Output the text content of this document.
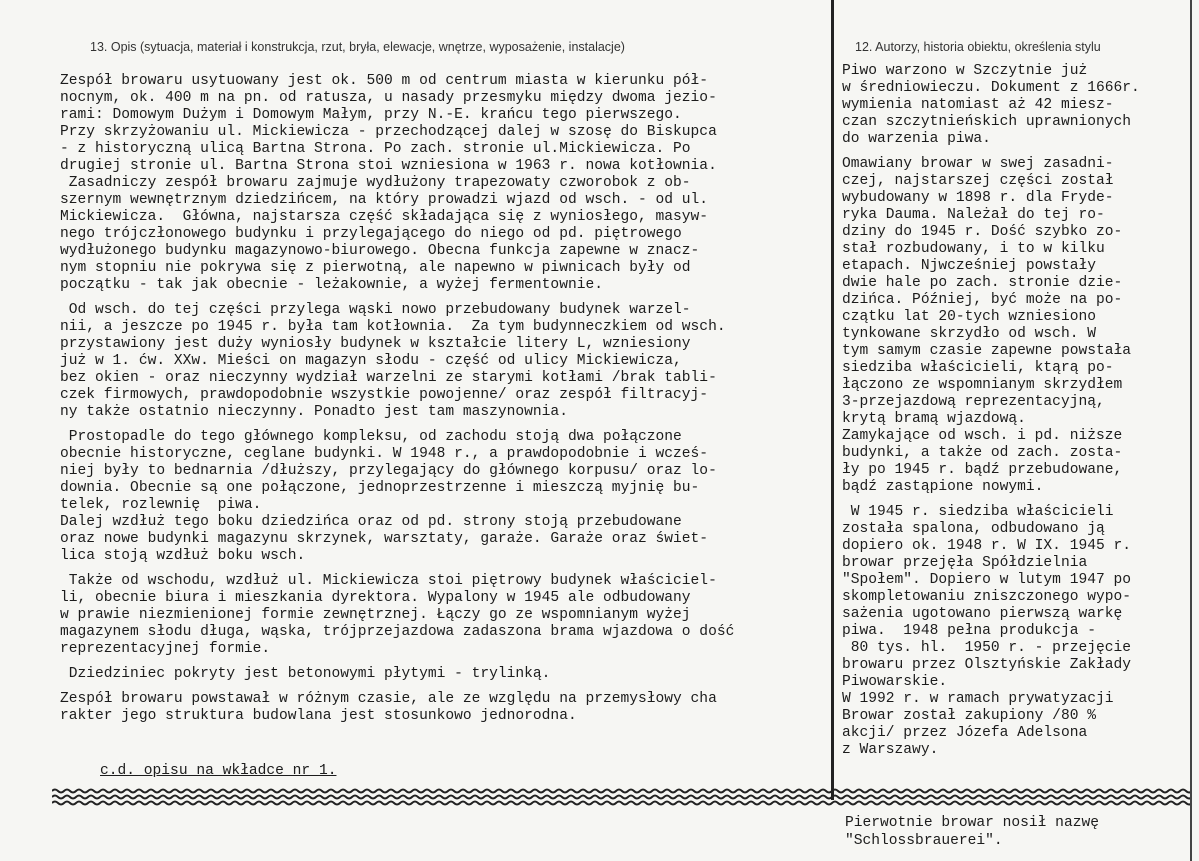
13. Opis (sytuacja, materiał i konstrukcja, rzut, bryła, elewacje, wnętrze, wyposażenie, instalacje)	12. Autorzy, historia obiektu, określenia stylu

Zespół browaru usytuowany jest ok. 500 m od centrum miasta w kierunku pół-

nocnym, ok. 400 m na pn. od ratusza, u nasady przesmyku między dwoma jezio-

rami: Domowym Dużym i Domowym Małym, przy N.-E. krańcu tego pierwszego.

Przy skrzyżowaniu ul. Mickiewicza - przechodzącej dalej w szosę do Biskupca

- z historyczną ulicą Bartna Strona. Po zach. stronie ul.Mickiewicza. Po

drugiej stronie ul. Bartna Strona stoi wzniesiona w 1963 r. nowa kotłownia.

Zasadniczy zespół browaru zajmuje wydłużony trapezowaty czworobok z ob-

szernym wewnętrznym dziedzińcem, na który prowadzi wjazd od wsch. - od ul.

Mickiewicza.  Główna, najstarsza część składająca się z wyniosłego, masyw-

nego trójczłonowego budynku i przylegającego do niego od pd. piętrowego

wydłużonego budynku magazynowo-biurowego. Obecna funkcja zapewne w znacz-

nym stopniu nie pokrywa się z pierwotną, ale napewno w piwnicach były od

początku - tak jak obecnie - leżakownie, a wyżej fermentownie.

Od wsch. do tej części przylega wąski nowo przebudowany budynek warzel-

nii, a jeszcze po 1945 r. była tam kotłownia.  Za tym budynneczkiem od wsch.

przystawiony jest duży wyniosły budynek w kształcie litery L, wzniesiony

już w 1. ćw. XXw. Mieści on magazyn słodu - część od ulicy Mickiewicza,

bez okien - oraz nieczynny wydział warzelni ze starymi kotłami /brak tabli-

czek firmowych, prawdopodobnie wszystkie powojenne/ oraz zespół filtracyj-

ny także ostatnio nieczynny. Ponadto jest tam maszynownia.

Prostopadle do tego głównego kompleksu, od zachodu stoją dwa połączone

obecnie historyczne, ceglane budynki. W 1948 r., a prawdopodobnie i wcześ-

niej były to bednarnia /dłuższy, przylegający do głównego korpusu/ oraz lo-

downia. Obecnie są one połączone, jednoprzestrzenne i mieszczą myjnię bu-

telek, rozlewnię  piwa.

Dalej wzdłuż tego boku dziedzińca oraz od pd. strony stoją przebudowane

oraz nowe budynki magazynu skrzynek, warsztaty, garaże. Garaże oraz świet-

lica stoją wzdłuż boku wsch.

Także od wschodu, wzdłuż ul. Mickiewicza stoi piętrowy budynek właściciel-

li, obecnie biura i mieszkania dyrektora. Wypalony w 1945 ale odbudowany

w prawie niezmienionej formie zewnętrznej. Łączy go ze wspomnianym wyżej

magazynem słodu długa, wąska, trójprzejazdowa zadaszona brama wjazdowa o dość

reprezentacyjnej formie.

Dziedziniec pokryty jest betonowymi płytymi - trylinką.

Zespół browaru powstawał w różnym czasie, ale ze względu na przemysłowy cha

rakter jego struktura budowlana jest stosunkowo jednorodna.

c.d. opisu na wkładce nr 1.

Piwo warzono w Szczytnie już

w średniowieczu. Dokument z 1666r.

wymienia natomiast aż 42 miesz-

czan szczytnieńskich uprawnionych

do warzenia piwa.

Omawiany browar w swej zasadni-

czej, najstarszej części został

wybudowany w 1898 r. dla Fryde-

ryka Dauma. Należał do tej ro-

dziny do 1945 r. Dość szybko zo-

stał rozbudowany, i to w kilku

etapach. Njwcześniej powstały

dwie hale po zach. stronie dzie-

dzińca. Później, być może na po-

czątku lat 20-tych wzniesiono

tynkowane skrzydło od wsch. W

tym samym czasie zapewne powstała

siedziba właścicieli, ktąrą po-

łączono ze wspomnianym skrzydłem

3-przejazdową reprezentacyjną,

krytą bramą wjazdową.

Zamykające od wsch. i pd. niższe

budynki, a także od zach. zosta-

ły po 1945 r. bądź przebudowane,

bądź zastąpione nowymi.

W 1945 r. siedziba właścicieli

została spalona, odbudowano ją

dopiero ok. 1948 r. W IX. 1945 r.

browar przejęła Spółdzielnia

"Społem". Dopiero w lutym 1947 po

skompletowaniu zniszczonego wypo-

sażenia ugotowano pierwszą warkę

piwa.  1948 pełna produkcja -

80 tys. hl.  1950 r. - przejęcie

browaru przez Olsztyńskie Zakłady

Piwowarskie.

W 1992 r. w ramach prywatyzacji

Browar został zakupiony /80 %

akcji/ przez Józefa Adelsona

z Warszawy.

Pierwotnie browar nosił nazwę

"Schlossbrauerei".
